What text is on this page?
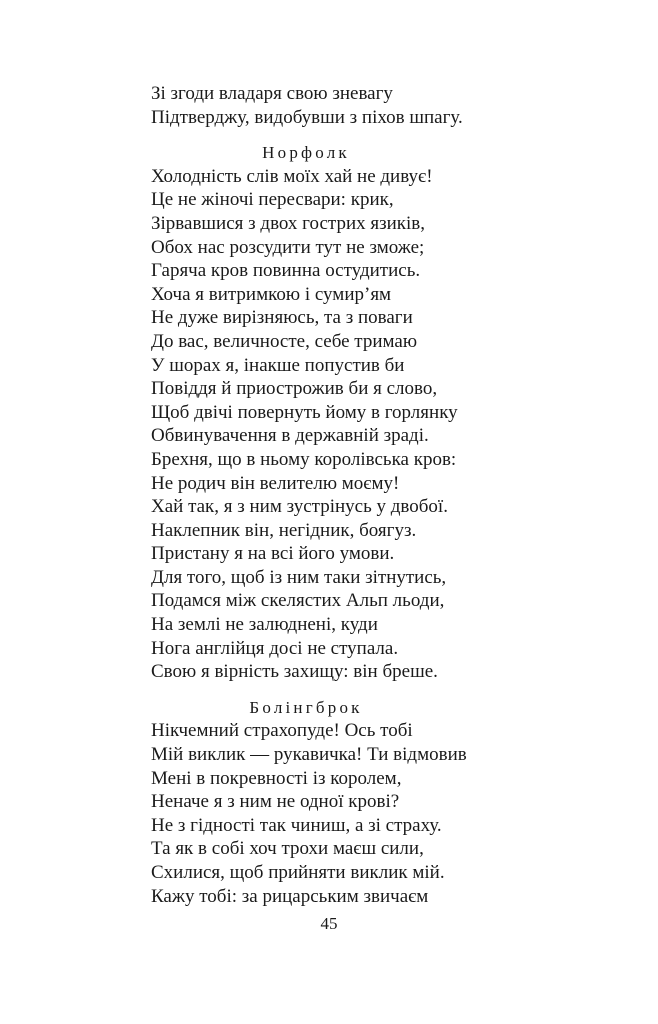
Зі згоди владаря свою зневагу
Підтверджу, видобувши з піхов шпагу.
Норфолк
Холодність слів моїх хай не дивує!
Це не жіночі пересвари: крик,
Зірвавшися з двох гострих язиків,
Обох нас розсудити тут не зможе;
Гаряча кров повинна остудитись.
Хоча я витримкою і сумир’ям
Не дуже вирізняюсь, та з поваги
До вас, величносте, себе тримаю
У шорах я, інакше попустив би
Повіддя й приострожив би я слово,
Щоб двічі повернуть йому в горлянку
Обвинувачення в державній зраді.
Брехня, що в ньому королівська кров:
Не родич він велителю моєму!
Хай так, я з ним зустрінусь у двобої.
Наклепник він, негідник, боягуз.
Пристану я на всі його умови.
Для того, щоб із ним таки зітнутись,
Подамся між скелястих Альп льоди,
На землі не залюднені, куди
Нога англійця досі не ступала.
Свою я вірність захищу: він бреше.
Болінгброк
Нікчемний страхопуде! Ось тобі
Мій виклик — рукавичка! Ти відмовив
Мені в покревності із королем,
Неначе я з ним не одної крові?
Не з гідності так чиниш, а зі страху.
Та як в собі хоч трохи маєш сили,
Схилися, щоб прийняти виклик мій.
Кажу тобі: за рицарським звичаєм
45
